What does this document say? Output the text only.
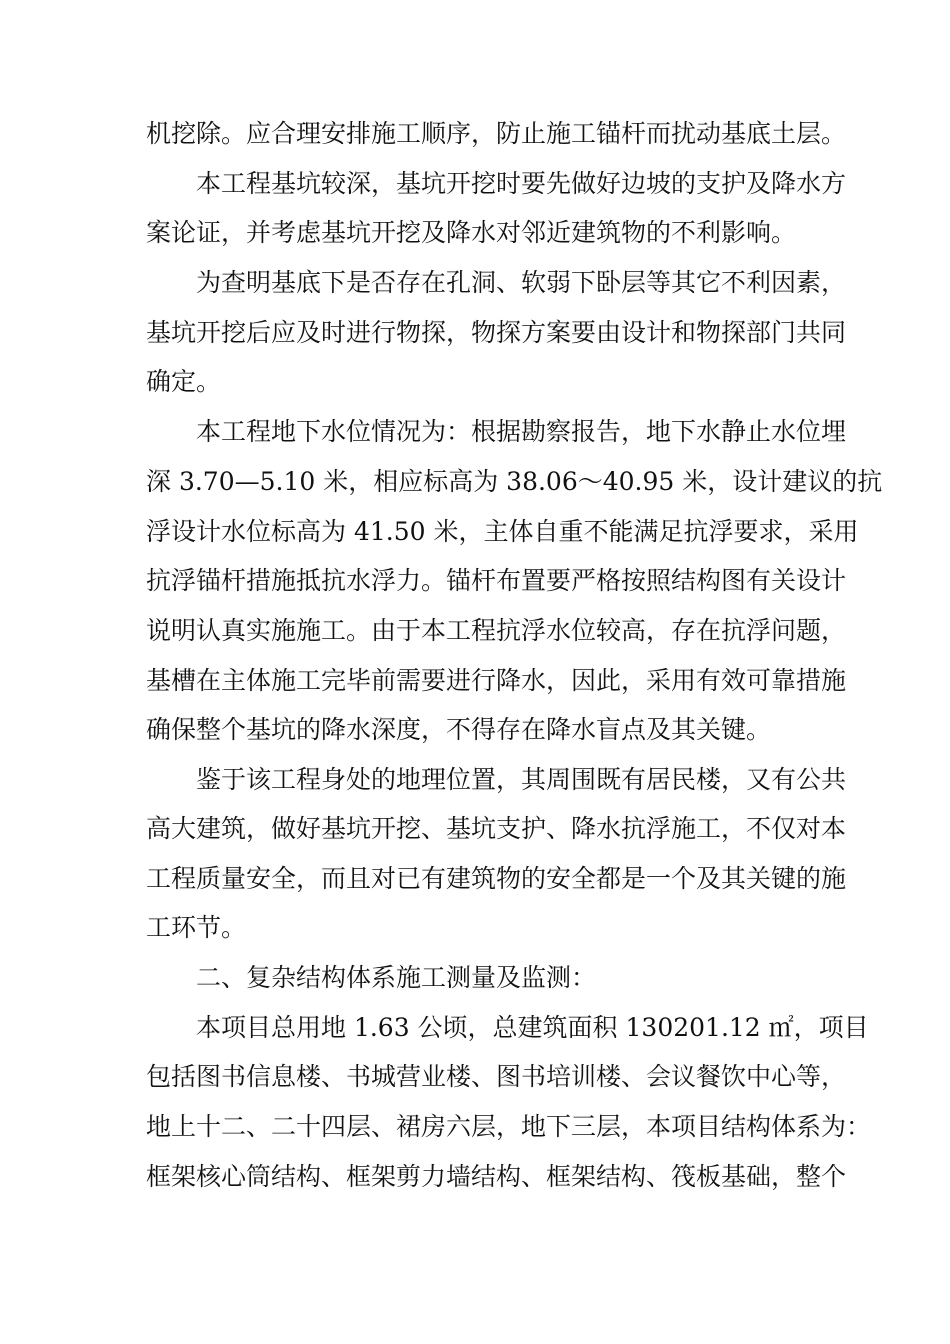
机挖除。应合理安排施工顺序，防止施工锚杆而扰动基底土层。
本工程基坑较深，基坑开挖时要先做好边坡的支护及降水方
案论证，并考虑基坑开挖及降水对邻近建筑物的不利影响。
为查明基底下是否存在孔洞、软弱下卧层等其它不利因素，
基坑开挖后应及时进行物探，物探方案要由设计和物探部门共同
确定。
本工程地下水位情况为：根据勘察报告，地下水静止水位埋
深 3.70—5.10 米，相应标高为 38.06～40.95 米，设计建议的抗
浮设计水位标高为 41.50 米，主体自重不能满足抗浮要求，采用
抗浮锚杆措施抵抗水浮力。锚杆布置要严格按照结构图有关设计
说明认真实施施工。由于本工程抗浮水位较高，存在抗浮问题，
基槽在主体施工完毕前需要进行降水，因此，采用有效可靠措施
确保整个基坑的降水深度，不得存在降水盲点及其关键。
鉴于该工程身处的地理位置，其周围既有居民楼，又有公共
高大建筑，做好基坑开挖、基坑支护、降水抗浮施工，不仅对本
工程质量安全，而且对已有建筑物的安全都是一个及其关键的施
工环节。
二、复杂结构体系施工测量及监测：
本项目总用地 1.63 公顷，总建筑面积 130201.12 ㎡，项目
包括图书信息楼、书城营业楼、图书培训楼、会议餐饮中心等，
地上十二、二十四层、裙房六层，地下三层，本项目结构体系为：
框架核心筒结构、框架剪力墙结构、框架结构、筏板基础，整个
